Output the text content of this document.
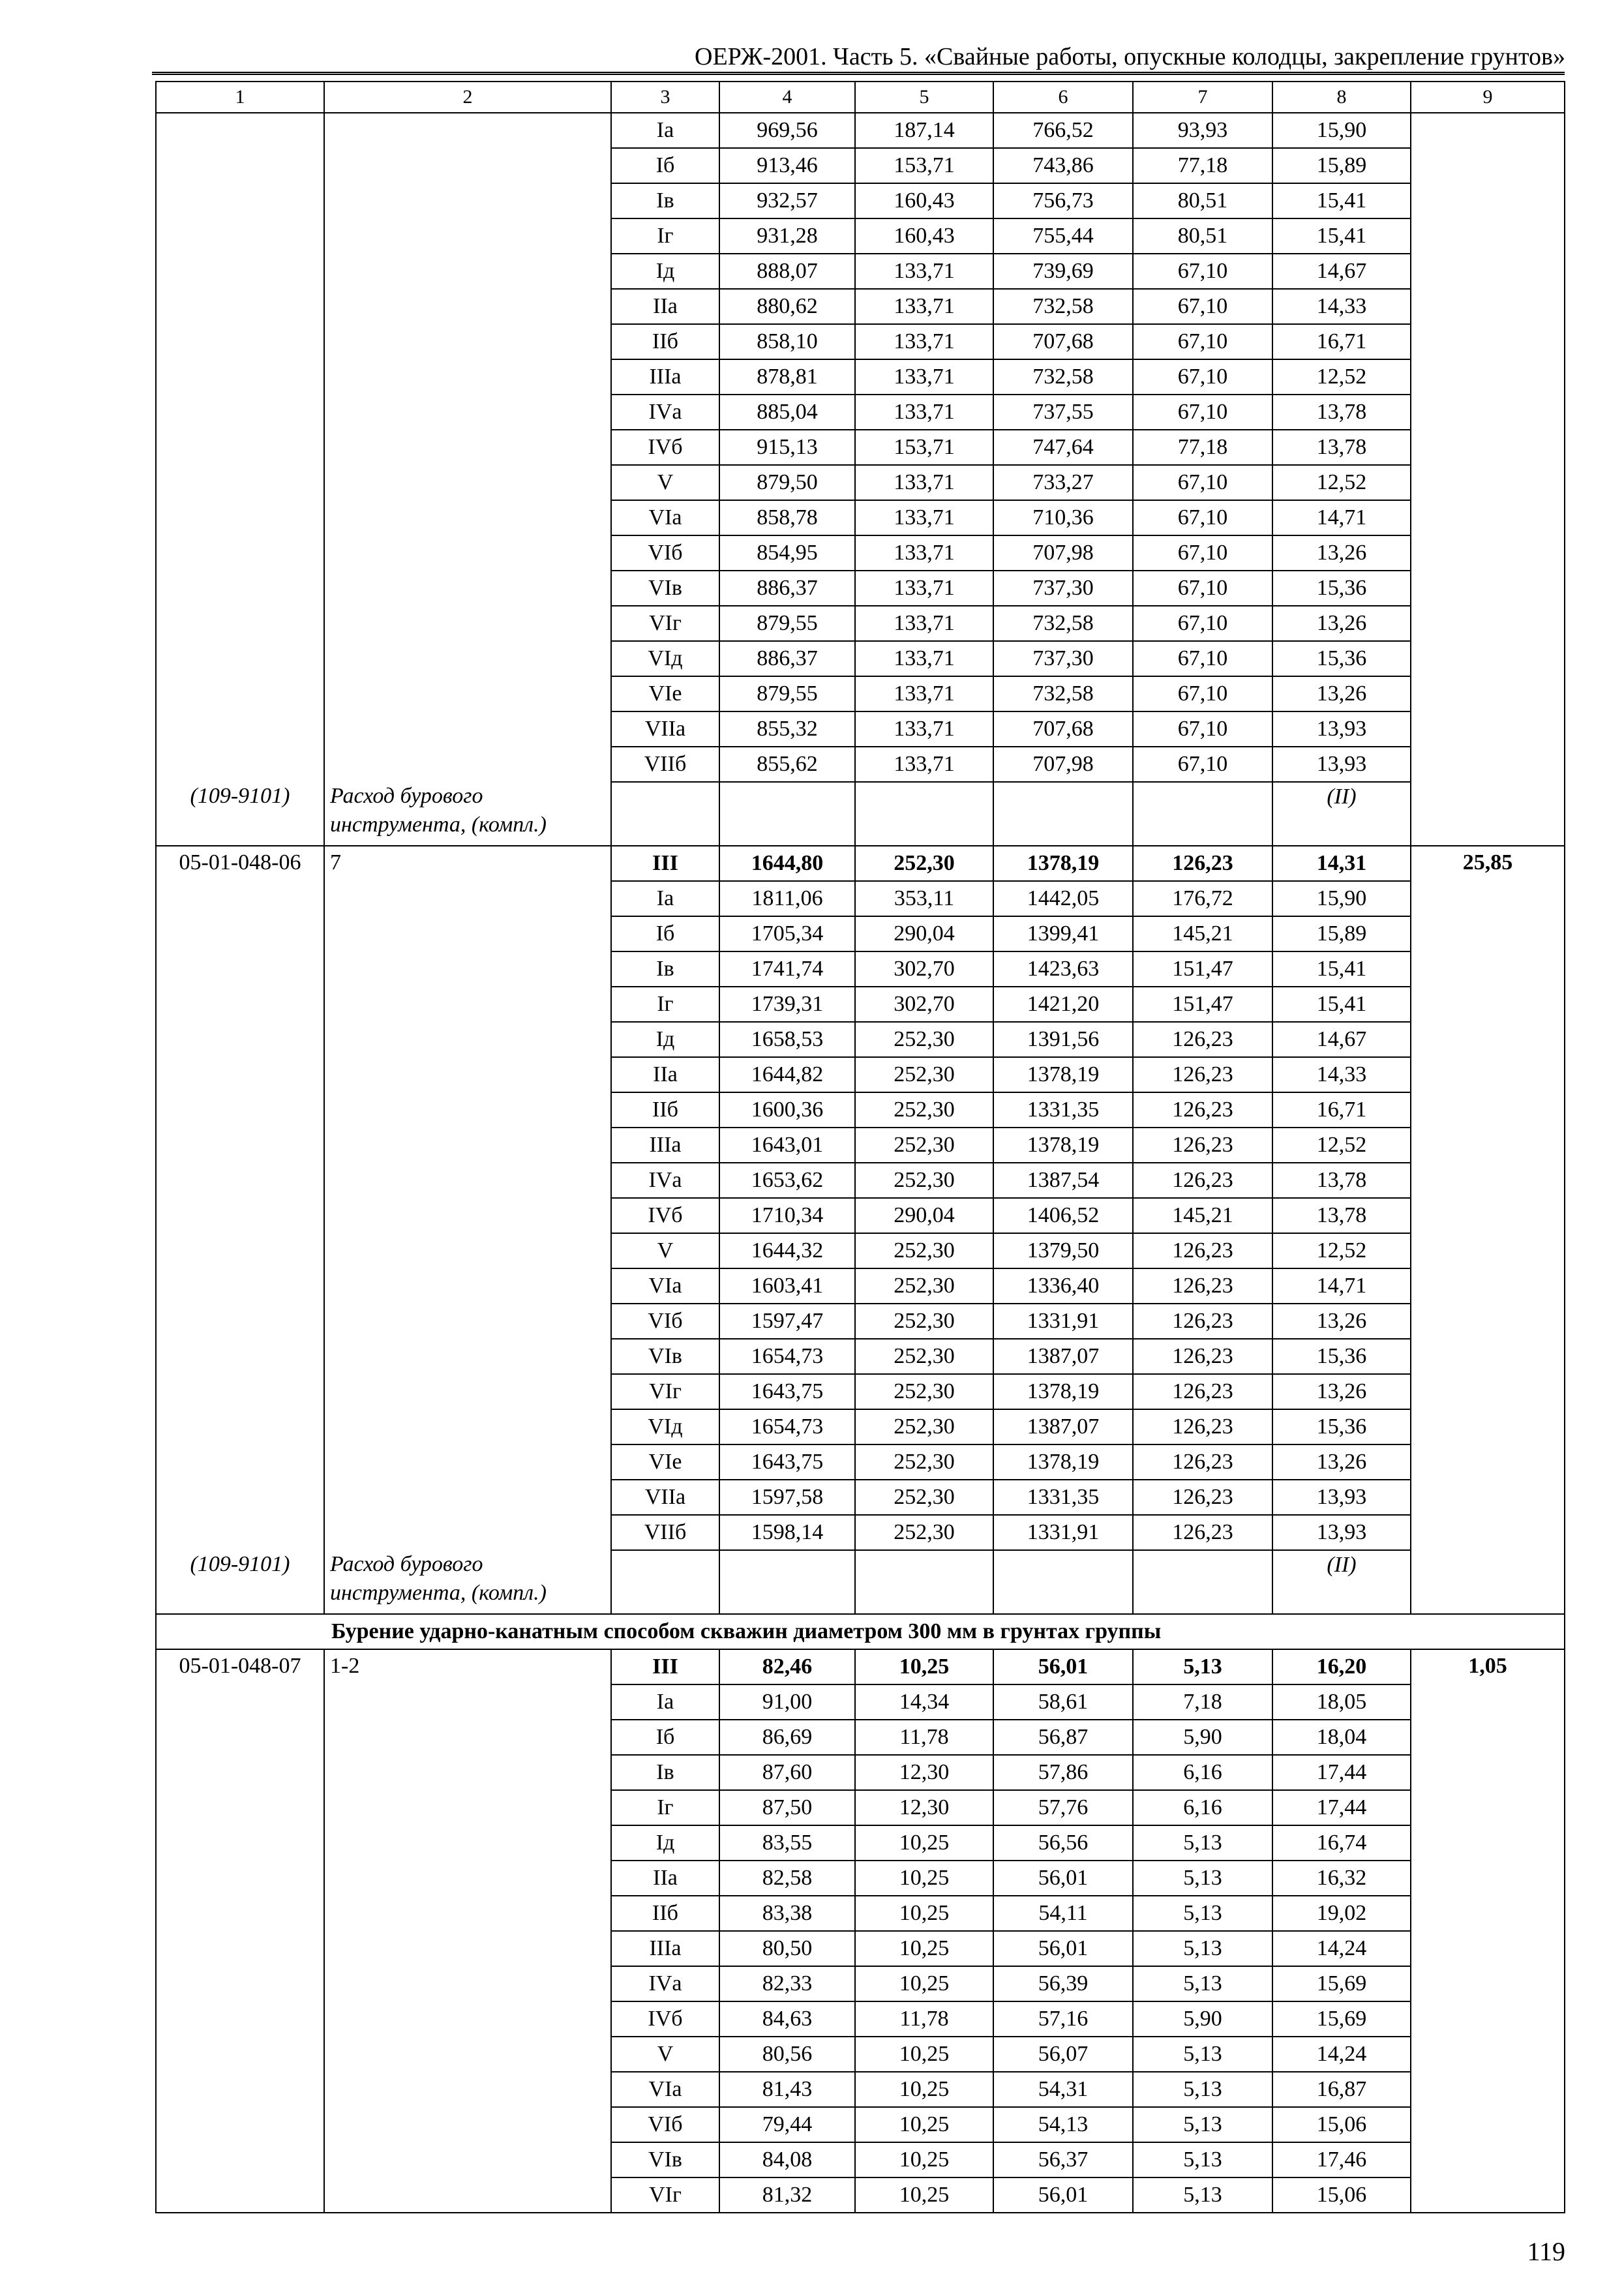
ОЕРЖ-2001. Часть 5. «Свайные работы, опускные колодцы, закрепление грунтов»
1	2	3	4	5	6	7	8	9
		Iа	969,56	187,14	766,52	93,93	15,90	
		Iб	913,46	153,71	743,86	77,18	15,89	
		Iв	932,57	160,43	756,73	80,51	15,41	
		Iг	931,28	160,43	755,44	80,51	15,41	
		Iд	888,07	133,71	739,69	67,10	14,67	
		IIа	880,62	133,71	732,58	67,10	14,33	
		IIб	858,10	133,71	707,68	67,10	16,71	
		IIIа	878,81	133,71	732,58	67,10	12,52	
		IVа	885,04	133,71	737,55	67,10	13,78	
		IVб	915,13	153,71	747,64	77,18	13,78	
		V	879,50	133,71	733,27	67,10	12,52	
		VIа	858,78	133,71	710,36	67,10	14,71	
		VIб	854,95	133,71	707,98	67,10	13,26	
		VIв	886,37	133,71	737,30	67,10	15,36	
		VIг	879,55	133,71	732,58	67,10	13,26	
		VIд	886,37	133,71	737,30	67,10	15,36	
		VIе	879,55	133,71	732,58	67,10	13,26	
		VIIа	855,32	133,71	707,68	67,10	13,93	
		VIIб	855,62	133,71	707,98	67,10	13,93	
(109-9101)	Расход бурового инструмента, (компл.)						(II)	
05-01-048-06	7	III	1644,80	252,30	1378,19	126,23	14,31	25,85
		Iа	1811,06	353,11	1442,05	176,72	15,90	
		Iб	1705,34	290,04	1399,41	145,21	15,89	
		Iв	1741,74	302,70	1423,63	151,47	15,41	
		Iг	1739,31	302,70	1421,20	151,47	15,41	
		Iд	1658,53	252,30	1391,56	126,23	14,67	
		IIа	1644,82	252,30	1378,19	126,23	14,33	
		IIб	1600,36	252,30	1331,35	126,23	16,71	
		IIIа	1643,01	252,30	1378,19	126,23	12,52	
		IVа	1653,62	252,30	1387,54	126,23	13,78	
		IVб	1710,34	290,04	1406,52	145,21	13,78	
		V	1644,32	252,30	1379,50	126,23	12,52	
		VIа	1603,41	252,30	1336,40	126,23	14,71	
		VIб	1597,47	252,30	1331,91	126,23	13,26	
		VIв	1654,73	252,30	1387,07	126,23	15,36	
		VIг	1643,75	252,30	1378,19	126,23	13,26	
		VIд	1654,73	252,30	1387,07	126,23	15,36	
		VIе	1643,75	252,30	1378,19	126,23	13,26	
		VIIа	1597,58	252,30	1331,35	126,23	13,93	
		VIIб	1598,14	252,30	1331,91	126,23	13,93	
(109-9101)	Расход бурового инструмента, (компл.)						(II)	
Бурение ударно-канатным способом скважин диаметром 300 мм в грунтах группы								
05-01-048-07	1-2	III	82,46	10,25	56,01	5,13	16,20	1,05
		Iа	91,00	14,34	58,61	7,18	18,05	
		Iб	86,69	11,78	56,87	5,90	18,04	
		Iв	87,60	12,30	57,86	6,16	17,44	
		Iг	87,50	12,30	57,76	6,16	17,44	
		Iд	83,55	10,25	56,56	5,13	16,74	
		IIа	82,58	10,25	56,01	5,13	16,32	
		IIб	83,38	10,25	54,11	5,13	19,02	
		IIIа	80,50	10,25	56,01	5,13	14,24	
		IVа	82,33	10,25	56,39	5,13	15,69	
		IVб	84,63	11,78	57,16	5,90	15,69	
		V	80,56	10,25	56,07	5,13	14,24	
		VIа	81,43	10,25	54,31	5,13	16,87	
		VIб	79,44	10,25	54,13	5,13	15,06	
		VIв	84,08	10,25	56,37	5,13	17,46	
		VIг	81,32	10,25	56,01	5,13	15,06	
119
